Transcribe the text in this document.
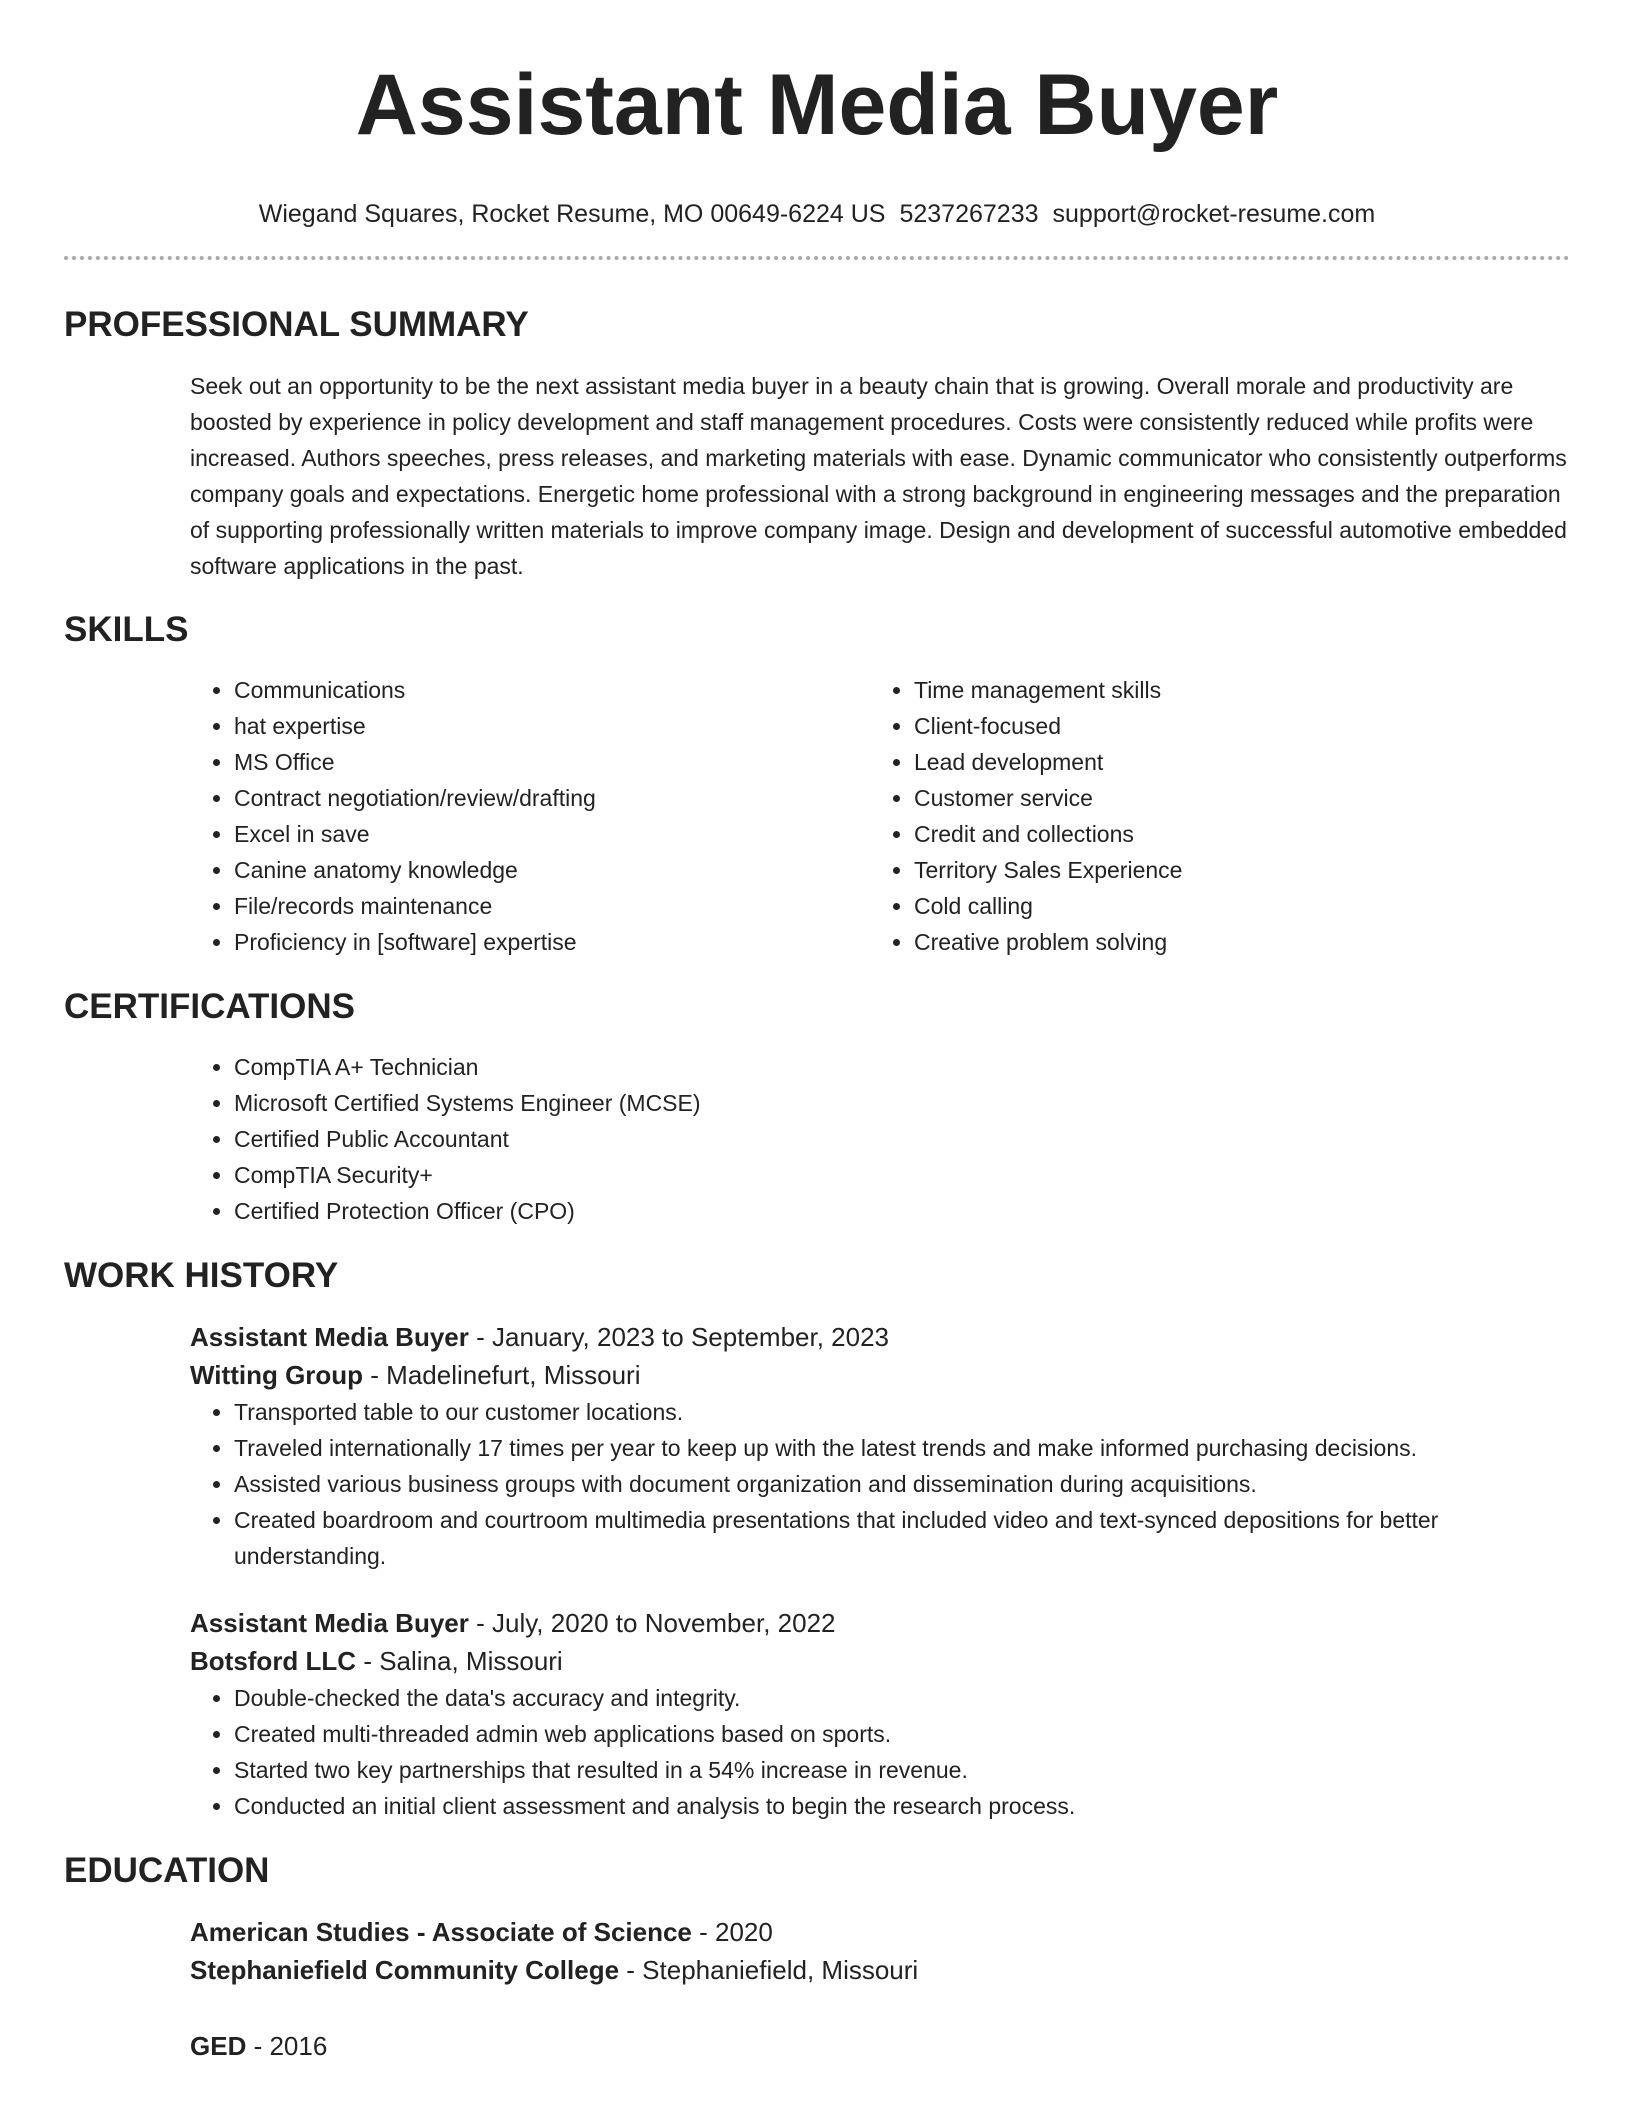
Assistant Media Buyer
Wiegand Squares, Rocket Resume, MO 00649-6224 US 5237267233 support@rocket-resume.com
PROFESSIONAL SUMMARY
Seek out an opportunity to be the next assistant media buyer in a beauty chain that is growing. Overall morale and productivity are boosted by experience in policy development and staff management procedures. Costs were consistently reduced while profits were increased. Authors speeches, press releases, and marketing materials with ease. Dynamic communicator who consistently outperforms company goals and expectations. Energetic home professional with a strong background in engineering messages and the preparation of supporting professionally written materials to improve company image. Design and development of successful automotive embedded software applications in the past.
SKILLS
• Communications
• hat expertise
• MS Office
• Contract negotiation/review/drafting
• Excel in save
• Canine anatomy knowledge
• File/records maintenance
• Proficiency in [software] expertise
• Time management skills
• Client-focused
• Lead development
• Customer service
• Credit and collections
• Territory Sales Experience
• Cold calling
• Creative problem solving
CERTIFICATIONS
• CompTIA A+ Technician
• Microsoft Certified Systems Engineer (MCSE)
• Certified Public Accountant
• CompTIA Security+
• Certified Protection Officer (CPO)
WORK HISTORY
Assistant Media Buyer - January, 2023 to September, 2023
Witting Group - Madelinefurt, Missouri
• Transported table to our customer locations.
• Traveled internationally 17 times per year to keep up with the latest trends and make informed purchasing decisions.
• Assisted various business groups with document organization and dissemination during acquisitions.
• Created boardroom and courtroom multimedia presentations that included video and text-synced depositions for better understanding.
Assistant Media Buyer - July, 2020 to November, 2022
Botsford LLC - Salina, Missouri
• Double-checked the data's accuracy and integrity.
• Created multi-threaded admin web applications based on sports.
• Started two key partnerships that resulted in a 54% increase in revenue.
• Conducted an initial client assessment and analysis to begin the research process.
EDUCATION
American Studies - Associate of Science - 2020
Stephaniefield Community College - Stephaniefield, Missouri
GED - 2016
